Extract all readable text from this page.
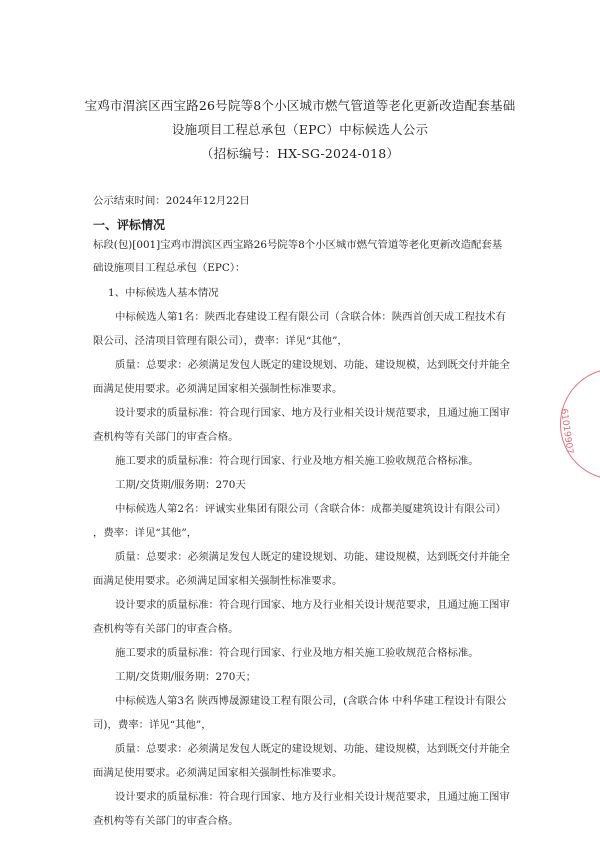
宝鸡市渭滨区西宝路26号院等8个小区城市燃气管道等老化更新改造配套基础
设施项目工程总承包（EPC）中标候选人公示
（招标编号：HX-SG-2024-018）
公示结束时间：2024年12月22日
一、评标情况
标段(包)[001]宝鸡市渭滨区西宝路26号院等8个小区城市燃气管道等老化更新改造配套基
础设施项目工程总承包（EPC）：
1、中标候选人基本情况
中标候选人第1名：陕西北春建设工程有限公司（含联合体：陕西首创天成工程技术有
限公司、泾清项目管理有限公司），费率：详见“其他”，
质量：总要求：必须满足发包人既定的建设规划、功能、建设规模，达到既交付并能全
面满足使用要求。必须满足国家相关强制性标准要求。
设计要求的质量标准：符合现行国家、地方及行业相关设计规范要求，且通过施工图审
查机构等有关部门的审查合格。
施工要求的质量标准：符合现行国家、行业及地方相关施工验收规范合格标准。
工期/交货期/服务期：270天
中标候选人第2名：评诚实业集团有限公司（含联合体：成都美厦建筑设计有限公司）
，费率：详见“其他”，
质量：总要求：必须满足发包人既定的建设规划、功能、建设规模，达到既交付并能全
面满足使用要求。必须满足国家相关强制性标准要求。
设计要求的质量标准：符合现行国家、地方及行业相关设计规范要求，且通过施工图审
查机构等有关部门的审查合格。
施工要求的质量标准：符合现行国家、行业及地方相关施工验收规范合格标准。
工期/交货期/服务期：270天；
中标候选人第3名 陕西博晟源建设工程有限公司，(含联合体 中科华建工程设计有限公
司)，费率：详见“其他”，
质量：总要求：必须满足发包人既定的建设规划、功能、建设规模，达到既交付并能全
面满足使用要求。必须满足国家相关强制性标准要求。
设计要求的质量标准：符合现行国家、地方及行业相关设计规范要求，且通过施工图审
查机构等有关部门的审查合格。
61019907
